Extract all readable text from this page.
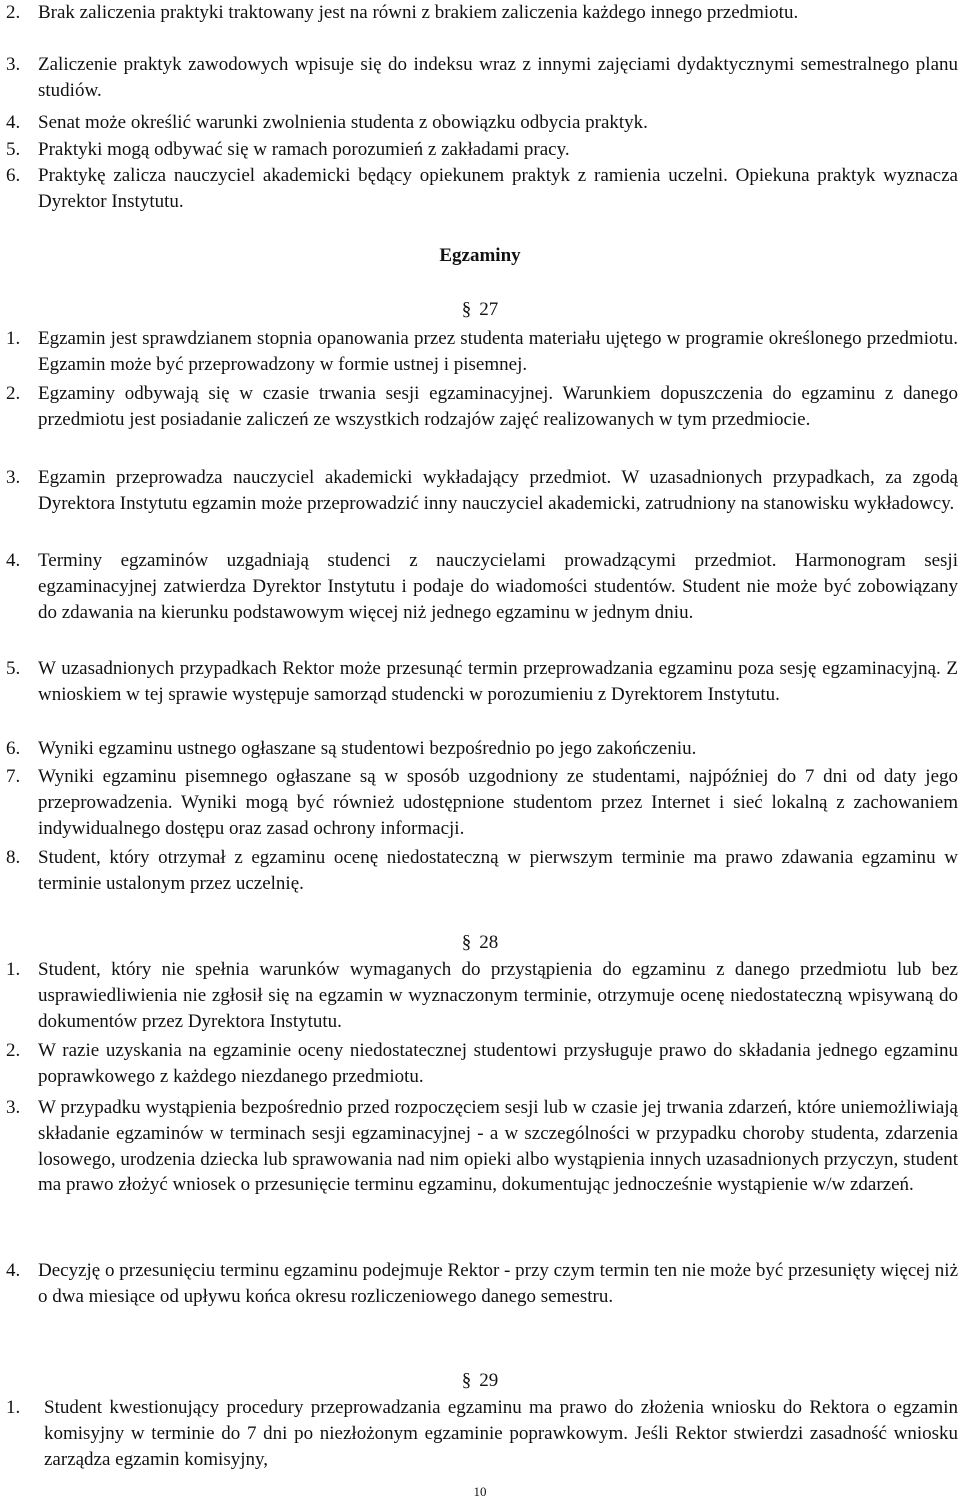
2. Brak zaliczenia praktyki traktowany jest na równi z brakiem zaliczenia każdego innego przedmiotu.
3. Zaliczenie praktyk zawodowych wpisuje się do indeksu wraz z innymi zajęciami dydaktycznymi semestralnego planu studiów.
4. Senat może określić warunki zwolnienia studenta z obowiązku odbycia praktyk.
5. Praktyki mogą odbywać się w ramach porozumień z zakładami pracy.
6. Praktykę zalicza nauczyciel akademicki będący opiekunem praktyk z ramienia uczelni. Opiekuna praktyk wyznacza Dyrektor Instytutu.
Egzaminy
§ 27
1. Egzamin jest sprawdzianem stopnia opanowania przez studenta materiału ujętego w programie określonego przedmiotu. Egzamin może być przeprowadzony w formie ustnej i pisemnej.
2. Egzaminy odbywają się w czasie trwania sesji egzaminacyjnej. Warunkiem dopuszczenia do egzaminu z danego przedmiotu jest posiadanie zaliczeń ze wszystkich rodzajów zajęć realizowanych w tym przedmiocie.
3. Egzamin przeprowadza nauczyciel akademicki wykładający przedmiot. W uzasadnionych przypadkach, za zgodą Dyrektora Instytutu egzamin może przeprowadzić inny nauczyciel akademicki, zatrudniony na stanowisku wykładowcy.
4. Terminy egzaminów uzgadniają studenci z nauczycielami prowadzącymi przedmiot. Harmonogram sesji egzaminacyjnej zatwierdza Dyrektor Instytutu i podaje do wiadomości studentów. Student nie może być zobowiązany do zdawania na kierunku podstawowym więcej niż jednego egzaminu w jednym dniu.
5. W uzasadnionych przypadkach Rektor może przesunąć termin przeprowadzania egzaminu poza sesję egzaminacyjną. Z wnioskiem w tej sprawie występuje samorząd studencki w porozumieniu z Dyrektorem Instytutu.
6. Wyniki egzaminu ustnego ogłaszane są studentowi bezpośrednio po jego zakończeniu.
7. Wyniki egzaminu pisemnego ogłaszane są w sposób uzgodniony ze studentami, najpóźniej do 7 dni od daty jego przeprowadzenia. Wyniki mogą być również udostępnione studentom przez Internet i sieć lokalną z zachowaniem indywidualnego dostępu oraz zasad ochrony informacji.
8. Student, który otrzymał z egzaminu ocenę niedostateczną w pierwszym terminie ma prawo zdawania egzaminu w terminie ustalonym przez uczelnię.
§ 28
1. Student, który nie spełnia warunków wymaganych do przystąpienia do egzaminu z danego przedmiotu lub bez usprawiedliwienia nie zgłosił się na egzamin w wyznaczonym terminie, otrzymuje ocenę niedostateczną wpisywaną do dokumentów przez Dyrektora Instytutu.
2. W razie uzyskania na egzaminie oceny niedostatecznej studentowi przysługuje prawo do składania jednego egzaminu poprawkowego z każdego niezdanego przedmiotu.
3. W przypadku wystąpienia bezpośrednio przed rozpoczęciem sesji lub w czasie jej trwania zdarzeń, które uniemożliwiają składanie egzaminów w terminach sesji egzaminacyjnej - a w szczególności w przypadku choroby studenta, zdarzenia losowego, urodzenia dziecka lub sprawowania nad nim opieki albo wystąpienia innych uzasadnionych przyczyn, student ma prawo złożyć wniosek o przesunięcie terminu egzaminu, dokumentując jednocześnie wystąpienie w/w zdarzeń.
4. Decyzję o przesunięciu terminu egzaminu podejmuje Rektor - przy czym termin ten nie może być przesunięty więcej niż o dwa miesiące od upływu końca okresu rozliczeniowego danego semestru.
§ 29
1. Student kwestionujący procedury przeprowadzania egzaminu ma prawo do złożenia wniosku do Rektora o egzamin komisyjny w terminie do 7 dni po niezłożonym egzaminie poprawkowym. Jeśli Rektor stwierdzi zasadność wniosku zarządza egzamin komisyjny,
10
